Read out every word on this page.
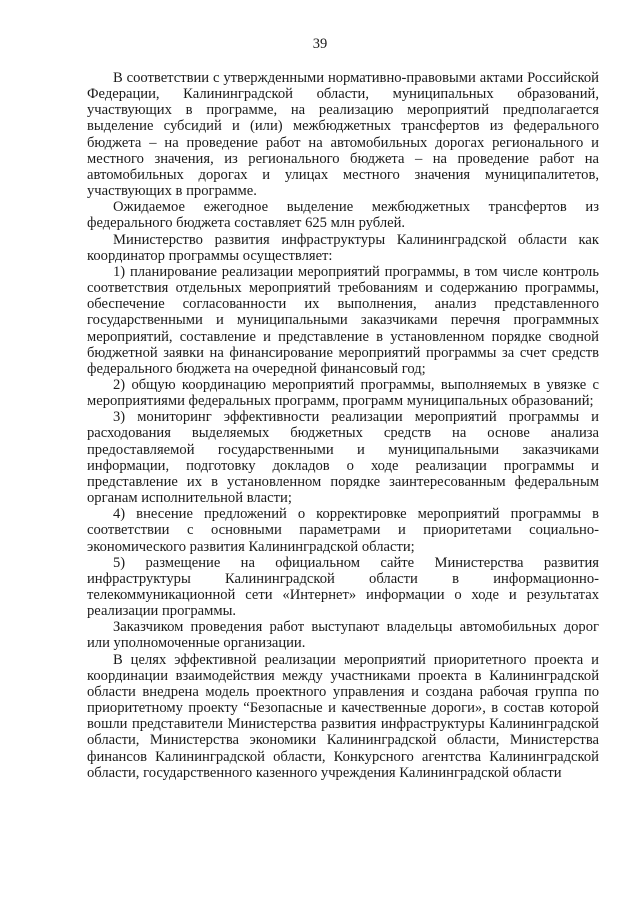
39

В соответствии с утвержденными нормативно-правовыми актами Российской Федерации, Калининградской области, муниципальных образований, участвующих в программе, на реализацию мероприятий предполагается выделение субсидий и (или) межбюджетных трансфертов из федерального бюджета – на проведение работ на автомобильных дорогах регионального и местного значения, из регионального бюджета – на проведение работ на автомобильных дорогах и улицах местного значения муниципалитетов, участвующих в программе.

Ожидаемое ежегодное выделение межбюджетных трансфертов из федерального бюджета составляет 625 млн рублей.

Министерство развития инфраструктуры Калининградской области как координатор программы осуществляет:

1) планирование реализации мероприятий программы, в том числе контроль соответствия отдельных мероприятий требованиям и содержанию программы, обеспечение согласованности их выполнения, анализ представленного государственными и муниципальными заказчиками перечня программных мероприятий, составление и представление в установленном порядке сводной бюджетной заявки на финансирование мероприятий программы за счет средств федерального бюджета на очередной финансовый год;

2) общую координацию мероприятий программы, выполняемых в увязке с мероприятиями федеральных программ, программ муниципальных образований;

3) мониторинг эффективности реализации мероприятий программы и расходования выделяемых бюджетных средств на основе анализа предоставляемой государственными и муниципальными заказчиками информации, подготовку докладов о ходе реализации программы и представление их в установленном порядке заинтересованным федеральным органам исполнительной власти;

4) внесение предложений о корректировке мероприятий программы в соответствии с основными параметрами и приоритетами социально-экономического развития Калининградской области;

5) размещение на официальном сайте Министерства развития инфраструктуры Калининградской области в информационно-телекоммуникационной сети «Интернет» информации о ходе и результатах реализации программы.

Заказчиком проведения работ выступают владельцы автомобильных дорог или уполномоченные организации.

В целях эффективной реализации мероприятий приоритетного проекта и координации взаимодействия между участниками проекта в Калининградской области внедрена модель проектного управления и создана рабочая группа по приоритетному проекту “Безопасные и качественные дороги», в состав которой вошли представители Министерства развития инфраструктуры Калининградской области, Министерства экономики Калининградской области, Министерства финансов Калининградской области, Конкурсного агентства Калининградской области, государственного казенного учреждения Калининградской области
